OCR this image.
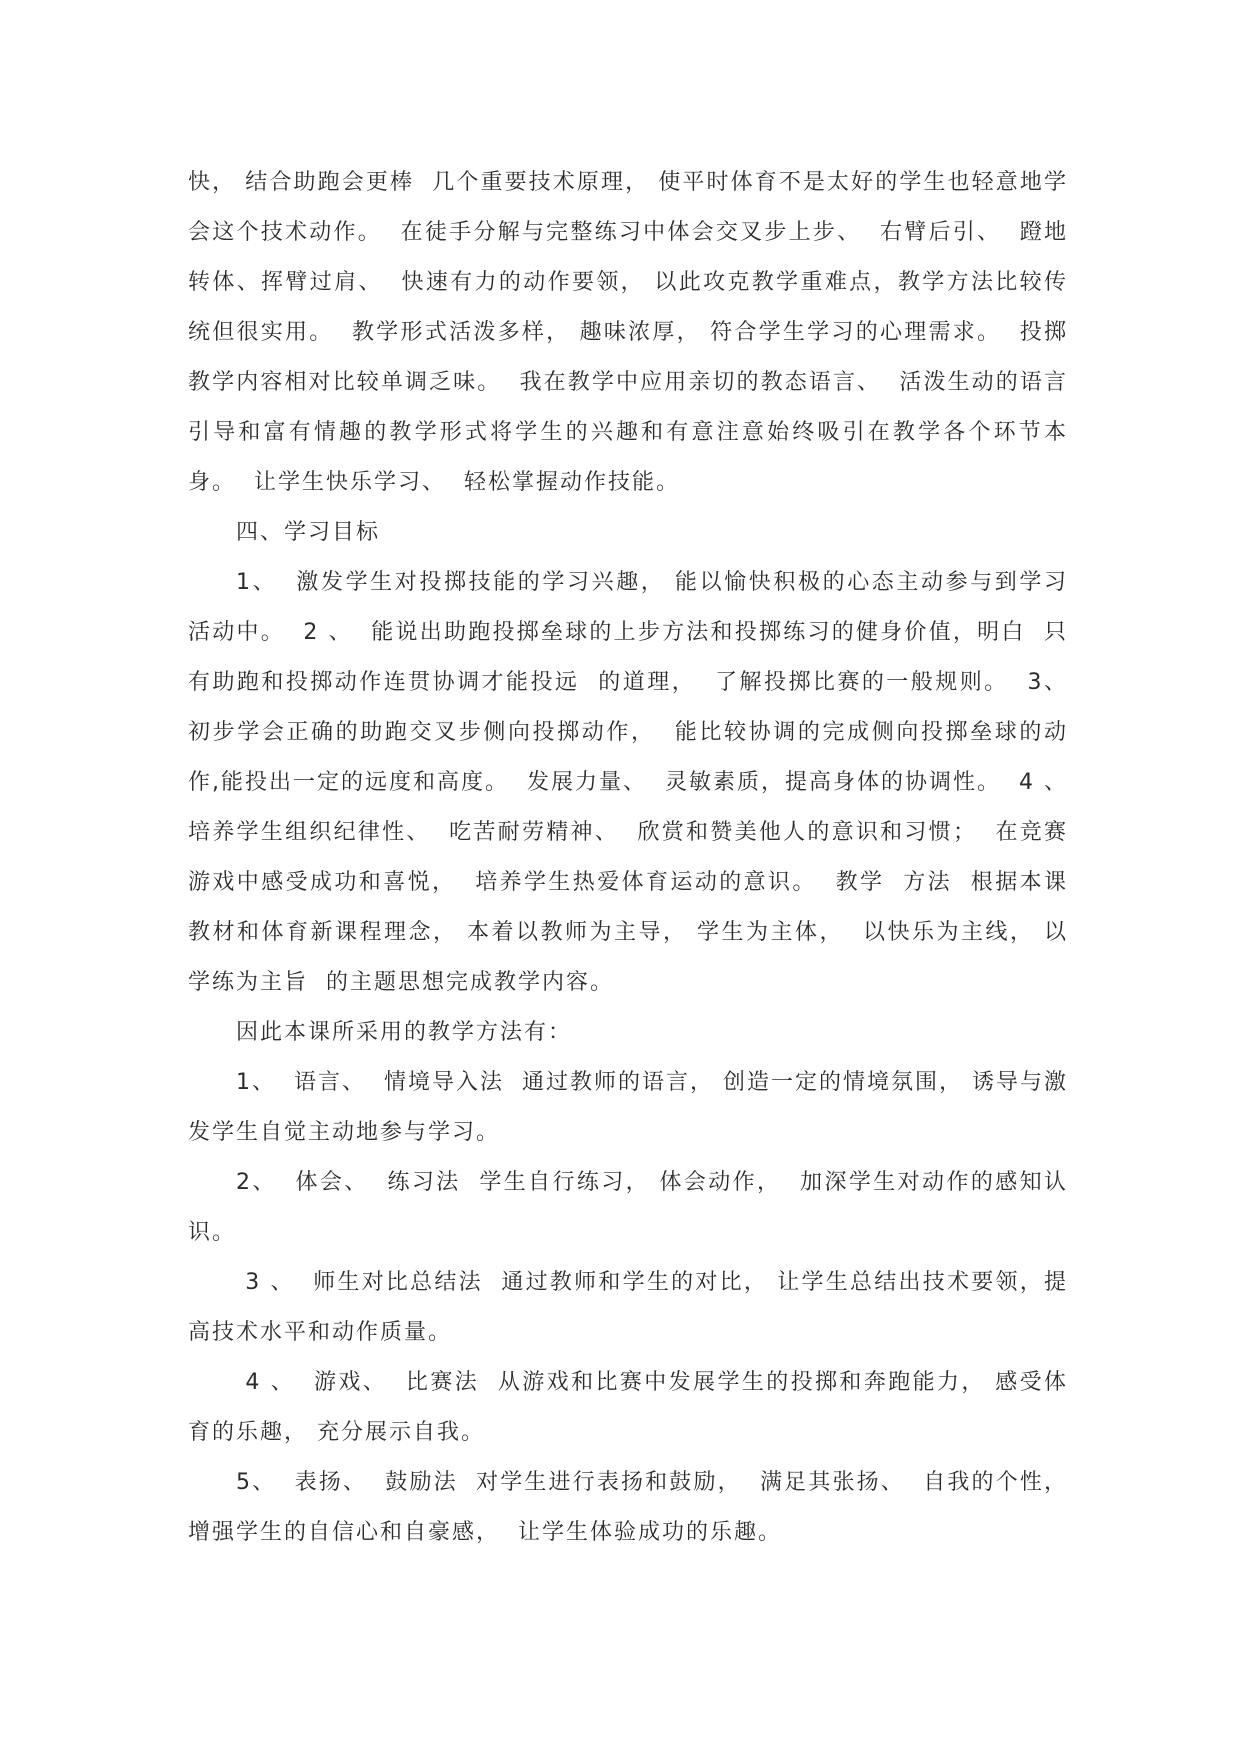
快， 结合助跑会更棒  几个重要技术原理， 使平时体育不是太好的学生也轻意地学会这个技术动作。  在徒手分解与完整练习中体会交叉步上步、  右臂后引、  蹬地转体、挥臂过肩、  快速有力的动作要领， 以此攻克教学重难点，教学方法比较传统但很实用。  教学形式活泼多样， 趣味浓厚， 符合学生学习的心理需求。  投掷教学内容相对比较单调乏味。  我在教学中应用亲切的教态语言、  活泼生动的语言引导和富有情趣的教学形式将学生的兴趣和有意注意始终吸引在教学各个环节本身。  让学生快乐学习、  轻松掌握动作技能。

四、学习目标

1、  激发学生对投掷技能的学习兴趣， 能以愉快积极的心态主动参与到学习活动中。  2 、  能说出助跑投掷垒球的上步方法和投掷练习的健身价值，明白  只有助跑和投掷动作连贯协调才能投远  的道理，  了解投掷比赛的一般规则。  3、  初步学会正确的助跑交叉步侧向投掷动作，  能比较协调的完成侧向投掷垒球的动作,能投出一定的远度和高度。  发展力量、  灵敏素质，提高身体的协调性。  4 、  培养学生组织纪律性、  吃苦耐劳精神、  欣赏和赞美他人的意识和习惯；  在竞赛游戏中感受成功和喜悦，  培养学生热爱体育运动的意识。  教学  方法  根据本课教材和体育新课程理念， 本着以教师为主导， 学生为主体，  以快乐为主线， 以学练为主旨  的主题思想完成教学内容。

因此本课所采用的教学方法有：

1、  语言、  情境导入法  通过教师的语言， 创造一定的情境氛围， 诱导与激发学生自觉主动地参与学习。

2、  体会、  练习法  学生自行练习， 体会动作，  加深学生对动作的感知认识。

3 、  师生对比总结法  通过教师和学生的对比， 让学生总结出技术要领，提高技术水平和动作质量。

4 、  游戏、  比赛法  从游戏和比赛中发展学生的投掷和奔跑能力， 感受体育的乐趣， 充分展示自我。

5、  表扬、  鼓励法  对学生进行表扬和鼓励，  满足其张扬、  自我的个性， 增强学生的自信心和自豪感，  让学生体验成功的乐趣。
